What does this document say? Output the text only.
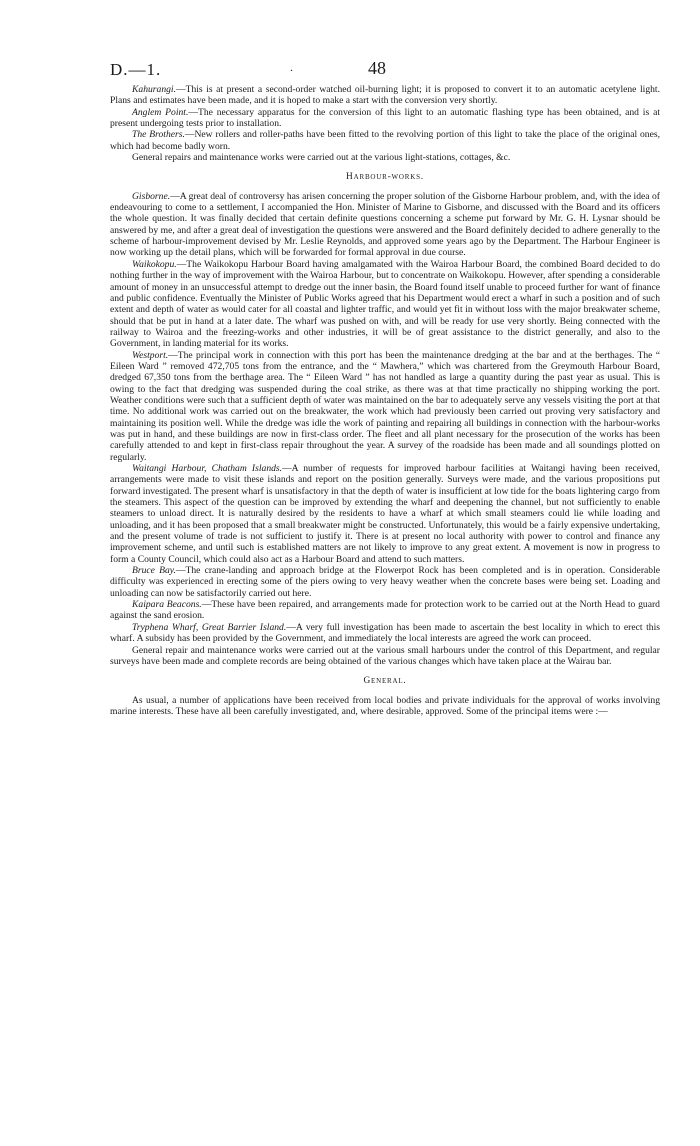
D.—1.	.	48

Kahurangi.—This is at present a second-order watched oil-burning light; it is proposed to convert it to an automatic acetylene light. Plans and estimates have been made, and it is hoped to make a start with the conversion very shortly.

Anglem Point.—The necessary apparatus for the conversion of this light to an automatic flashing type has been obtained, and is at present undergoing tests prior to installation.

The Brothers.—New rollers and roller-paths have been fitted to the revolving portion of this light to take the place of the original ones, which had become badly worn.

General repairs and maintenance works were carried out at the various light-stations, cottages, &c.

Harbour-works.

Gisborne.—A great deal of controversy has arisen concerning the proper solution of the Gisborne Harbour problem, and, with the idea of endeavouring to come to a settlement, I accompanied the Hon. Minister of Marine to Gisborne, and discussed with the Board and its officers the whole question. It was finally decided that certain definite questions concerning a scheme put forward by Mr. G. H. Lysnar should be answered by me, and after a great deal of investigation the questions were answered and the Board definitely decided to adhere generally to the scheme of harbour-improvement devised by Mr. Leslie Reynolds, and approved some years ago by the Department. The Harbour Engineer is now working up the detail plans, which will be forwarded for formal approval in due course.

Waikokopu.—The Waikokopu Harbour Board having amalgamated with the Wairoa Harbour Board, the combined Board decided to do nothing further in the way of improvement with the Wairoa Harbour, but to concentrate on Waikokopu. However, after spending a considerable amount of money in an unsuccessful attempt to dredge out the inner basin, the Board found itself unable to proceed further for want of finance and public confidence. Eventually the Minister of Public Works agreed that his Department would erect a wharf in such a position and of such extent and depth of water as would cater for all coastal and lighter traffic, and would yet fit in without loss with the major breakwater scheme, should that be put in hand at a later date. The wharf was pushed on with, and will be ready for use very shortly. Being connected with the railway to Wairoa and the freezing-works and other industries, it will be of great assistance to the district generally, and also to the Government, in landing material for its works.

Westport.—The principal work in connection with this port has been the maintenance dredging at the bar and at the berthages. The “ Eileen Ward ” removed 472,705 tons from the entrance, and the “ Mawhera,” which was chartered from the Greymouth Harbour Board, dredged 67,350 tons from the berthage area. The “ Eileen Ward ” has not handled as large a quantity during the past year as usual. This is owing to the fact that dredging was suspended during the coal strike, as there was at that time practically no shipping working the port. Weather conditions were such that a sufficient depth of water was maintained on the bar to adequately serve any vessels visiting the port at that time. No additional work was carried out on the breakwater, the work which had previously been carried out proving very satisfactory and maintaining its position well. While the dredge was idle the work of painting and repairing all buildings in connection with the harbour-works was put in hand, and these buildings are now in first-class order. The fleet and all plant necessary for the prosecution of the works has been carefully attended to and kept in first-class repair throughout the year. A survey of the roadside has been made and all soundings plotted on regularly.

Waitangi Harbour, Chatham Islands.—A number of requests for improved harbour facilities at Waitangi having been received, arrangements were made to visit these islands and report on the position generally. Surveys were made, and the various propositions put forward investigated. The present wharf is unsatisfactory in that the depth of water is insufficient at low tide for the boats lightering cargo from the steamers. This aspect of the question can be improved by extending the wharf and deepening the channel, but not sufficiently to enable steamers to unload direct. It is naturally desired by the residents to have a wharf at which small steamers could lie while loading and unloading, and it has been proposed that a small breakwater might be constructed. Unfortunately, this would be a fairly expensive undertaking, and the present volume of trade is not sufficient to justify it. There is at present no local authority with power to control and finance any improvement scheme, and until such is established matters are not likely to improve to any great extent. A movement is now in progress to form a County Council, which could also act as a Harbour Board and attend to such matters.

Bruce Bay.—The crane-landing and approach bridge at the Flowerpot Rock has been completed and is in operation. Considerable difficulty was experienced in erecting some of the piers owing to very heavy weather when the concrete bases were being set. Loading and unloading can now be satisfactorily carried out here.

Kaipara Beacons.—These have been repaired, and arrangements made for protection work to be carried out at the North Head to guard against the sand erosion.

Tryphena Wharf, Great Barrier Island.—A very full investigation has been made to ascertain the best locality in which to erect this wharf. A subsidy has been provided by the Government, and immediately the local interests are agreed the work can proceed.

General repair and maintenance works were carried out at the various small harbours under the control of this Department, and regular surveys have been made and complete records are being obtained of the various changes which have taken place at the Wairau bar.

General.

As usual, a number of applications have been received from local bodies and private individuals for the approval of works involving marine interests. These have all been carefully investigated, and, where desirable, approved. Some of the principal items were :—
